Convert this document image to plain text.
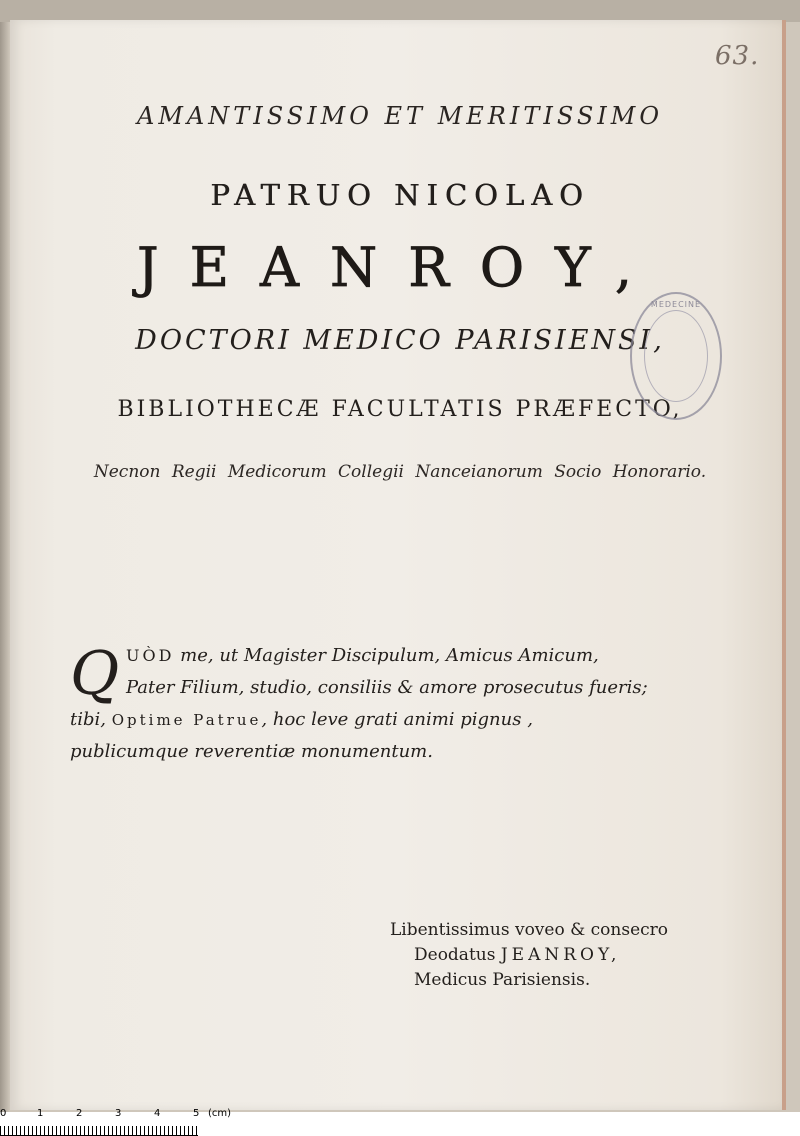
63.
AMANTISSIMO ET MERITISSIMO
PATRUO NICOLAO
JEANROY,
DOCTORI MEDICO PARISIENSI,
BIBLIOTHECÆ FACULTATIS PRÆFECTO,
Necnon Regii Medicorum Collegii Nanceianorum Socio Honorario.
MEDECINE
Q UÒD me, ut Magister Discipulum, Amicus Amicum,
Pater Filium, studio, consiliis & amore prosecutus fueris;
tibi, Optime Patrue, hoc leve grati animi pignus ,
publicumque reverentiæ monumentum.
Libentissimus voveo & consecro
Deodatus JEANROY,
Medicus Parisiensis.
0	1	2	3	4	5 (cm)
